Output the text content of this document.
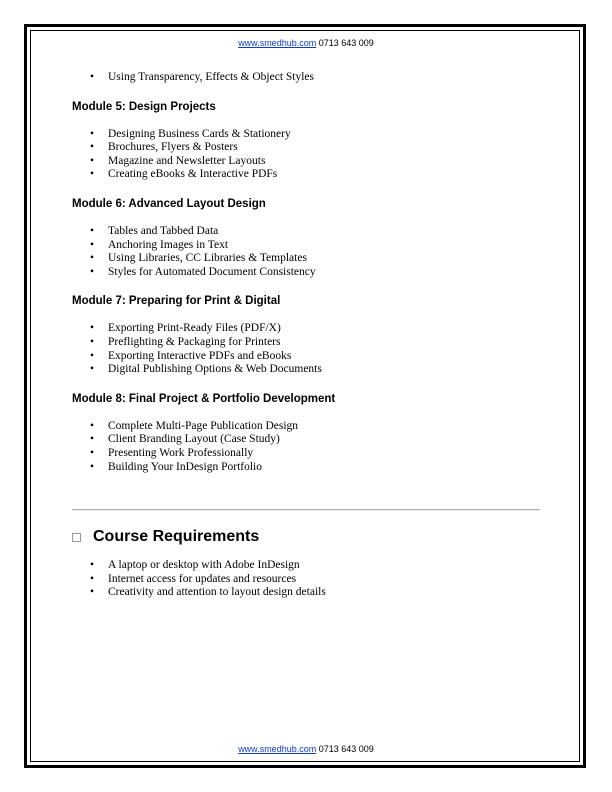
www.smedhub.com 0713 643 009
• Using Transparency, Effects & Object Styles
Module 5: Design Projects
• Designing Business Cards & Stationery
• Brochures, Flyers & Posters
• Magazine and Newsletter Layouts
• Creating eBooks & Interactive PDFs
Module 6: Advanced Layout Design
• Tables and Tabbed Data
• Anchoring Images in Text
• Using Libraries, CC Libraries & Templates
• Styles for Automated Document Consistency
Module 7: Preparing for Print & Digital
• Exporting Print-Ready Files (PDF/X)
• Preflighting & Packaging for Printers
• Exporting Interactive PDFs and eBooks
• Digital Publishing Options & Web Documents
Module 8: Final Project & Portfolio Development
• Complete Multi-Page Publication Design
• Client Branding Layout (Case Study)
• Presenting Work Professionally
• Building Your InDesign Portfolio
Course Requirements
• A laptop or desktop with Adobe InDesign
• Internet access for updates and resources
• Creativity and attention to layout design details
www.smedhub.com 0713 643 009
